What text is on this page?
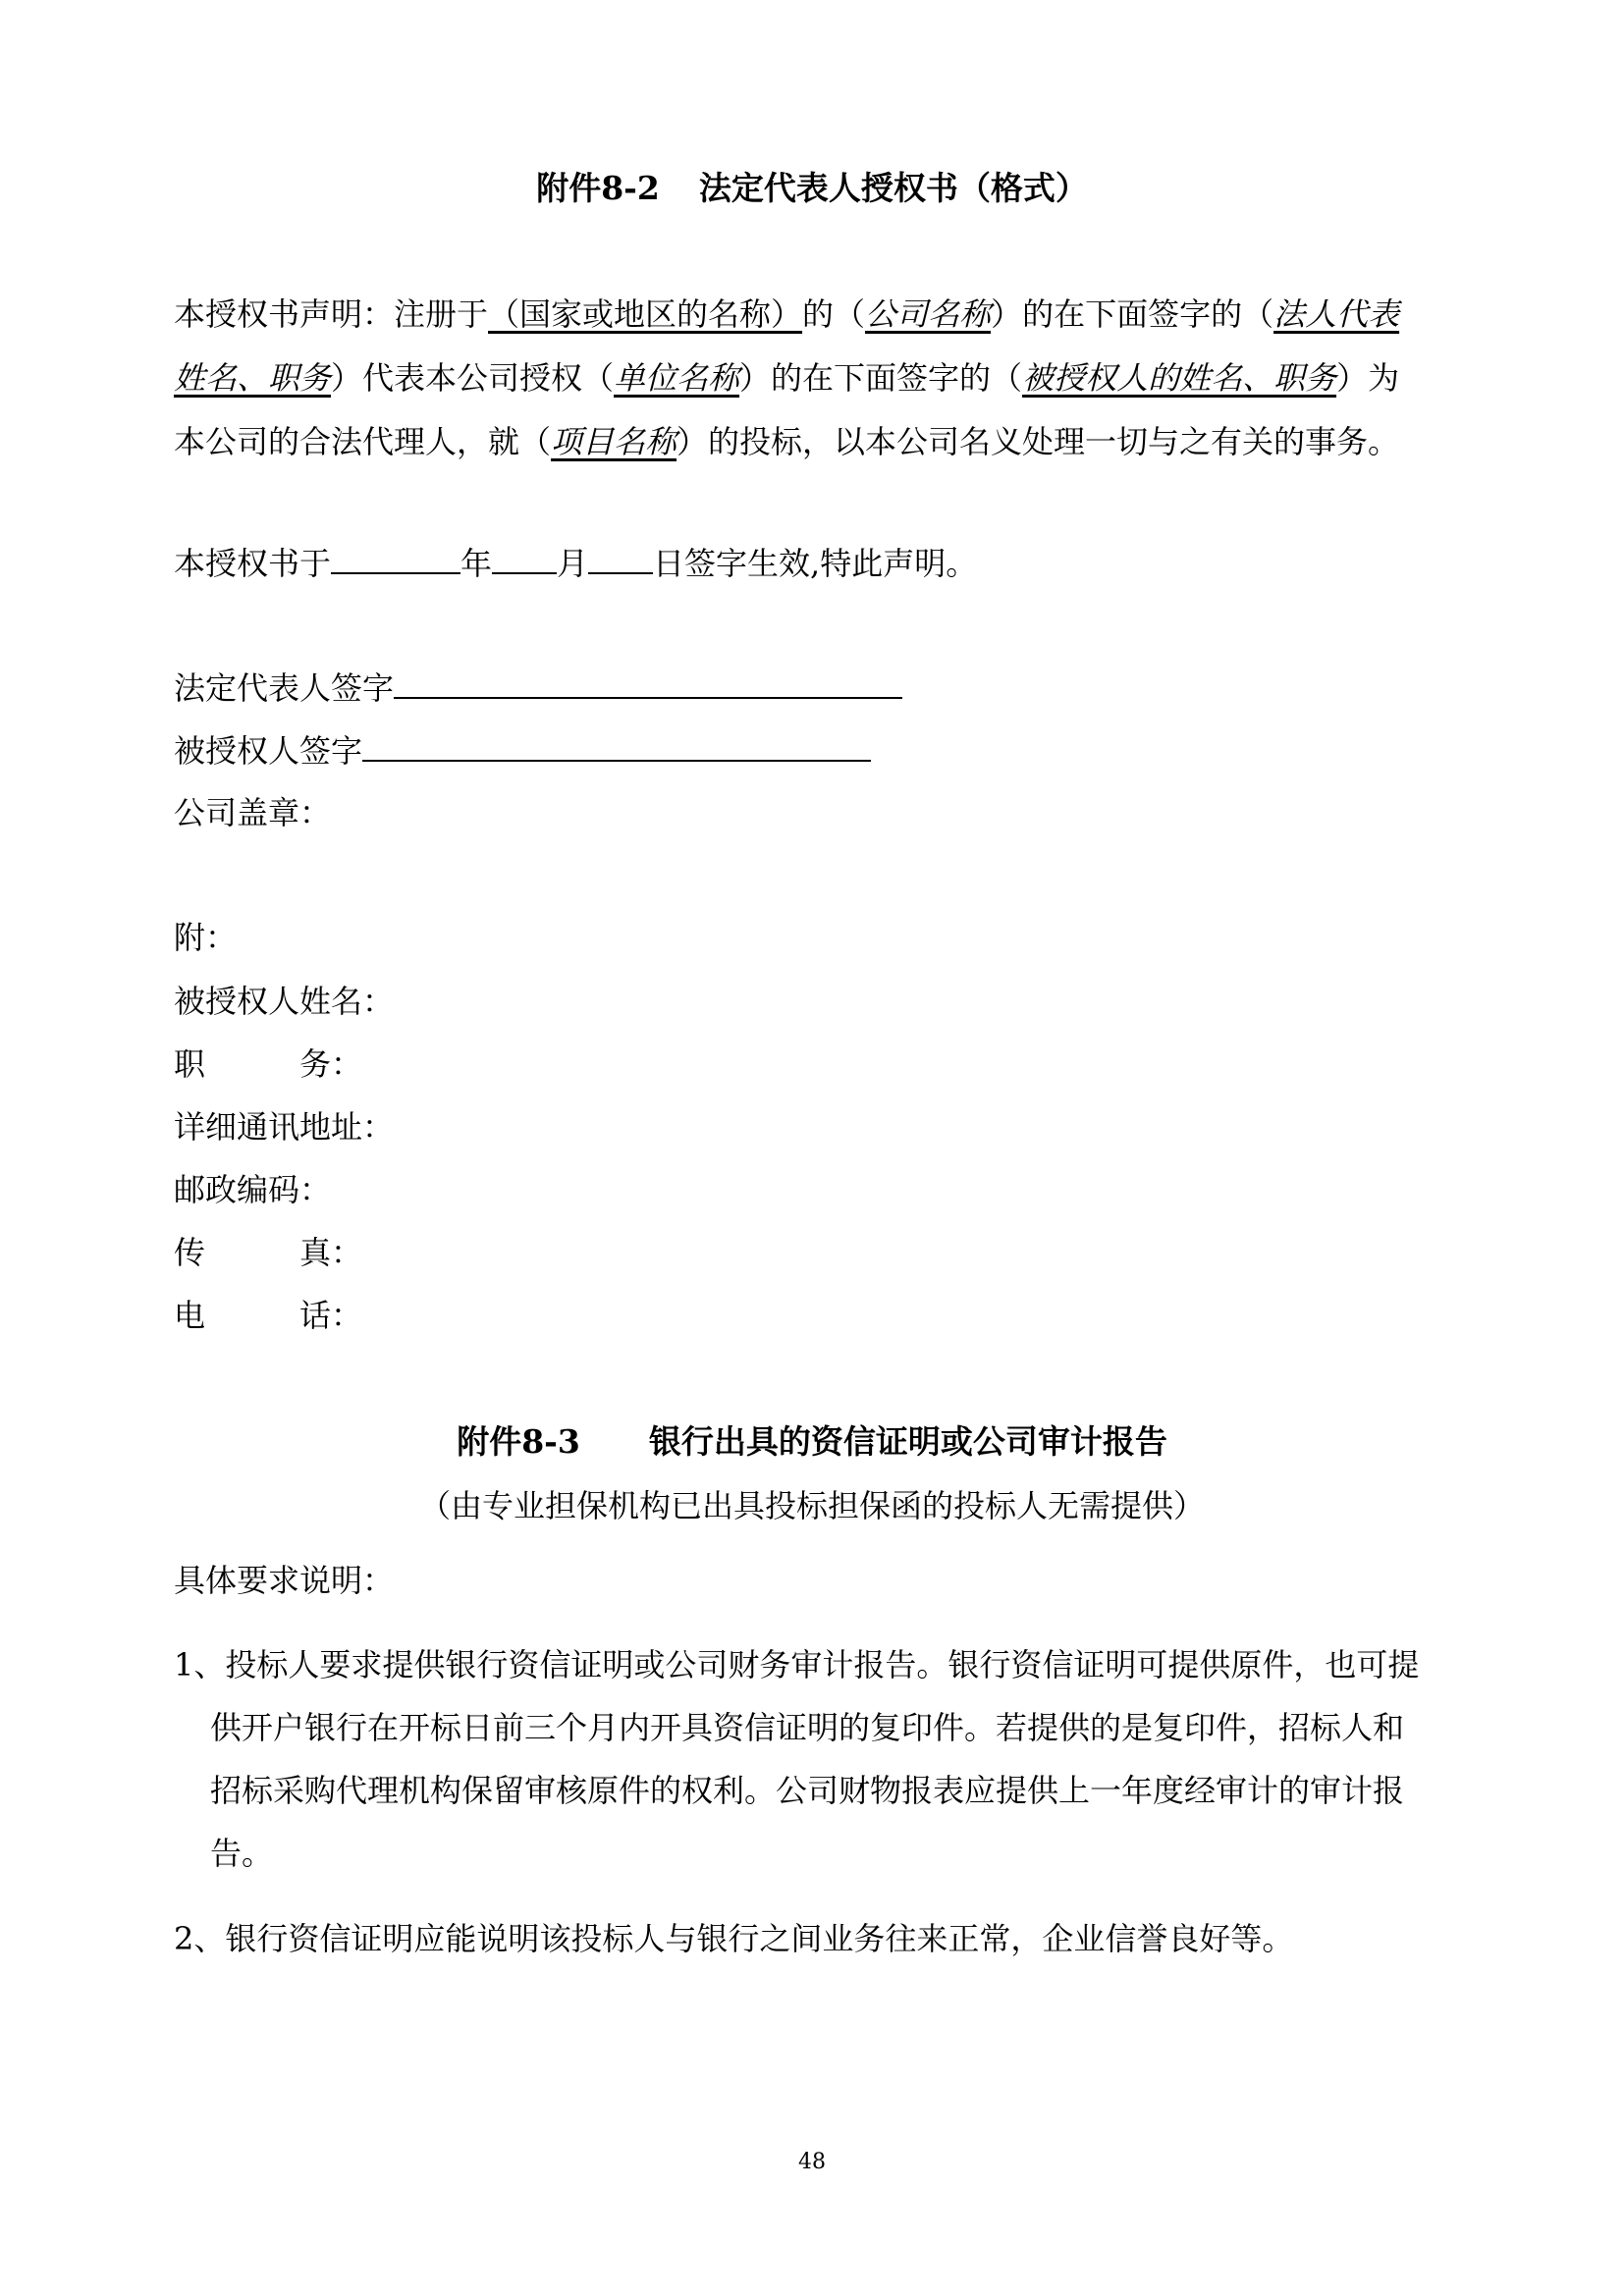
附件8-2 法定代表人授权书（格式）
本授权书声明：注册于（国家或地区的名称）的（公司名称）的在下面签字的（法人代表
姓名、职务）代表本公司授权（单位名称）的在下面签字的（被授权人的姓名、职务）为
本公司的合法代理人，就（项目名称）的投标，以本公司名义处理一切与之有关的事务。
本授权书于	年 月 日签字生效,特此声明。
法定代表人签字
被授权人签字
公司盖章：
附：
被授权人姓名：
职	务：
详细通讯地址：
邮政编码：
传	真：
电	话：
附件8-3 银行出具的资信证明或公司审计报告
（由专业担保机构已出具投标担保函的投标人无需提供）
具体要求说明：
1、投标人要求提供银行资信证明或公司财务审计报告。银行资信证明可提供原件，也可提
供开户银行在开标日前三个月内开具资信证明的复印件。若提供的是复印件，招标人和
招标采购代理机构保留审核原件的权利。公司财物报表应提供上一年度经审计的审计报
告。
2、银行资信证明应能说明该投标人与银行之间业务往来正常，企业信誉良好等。
48
